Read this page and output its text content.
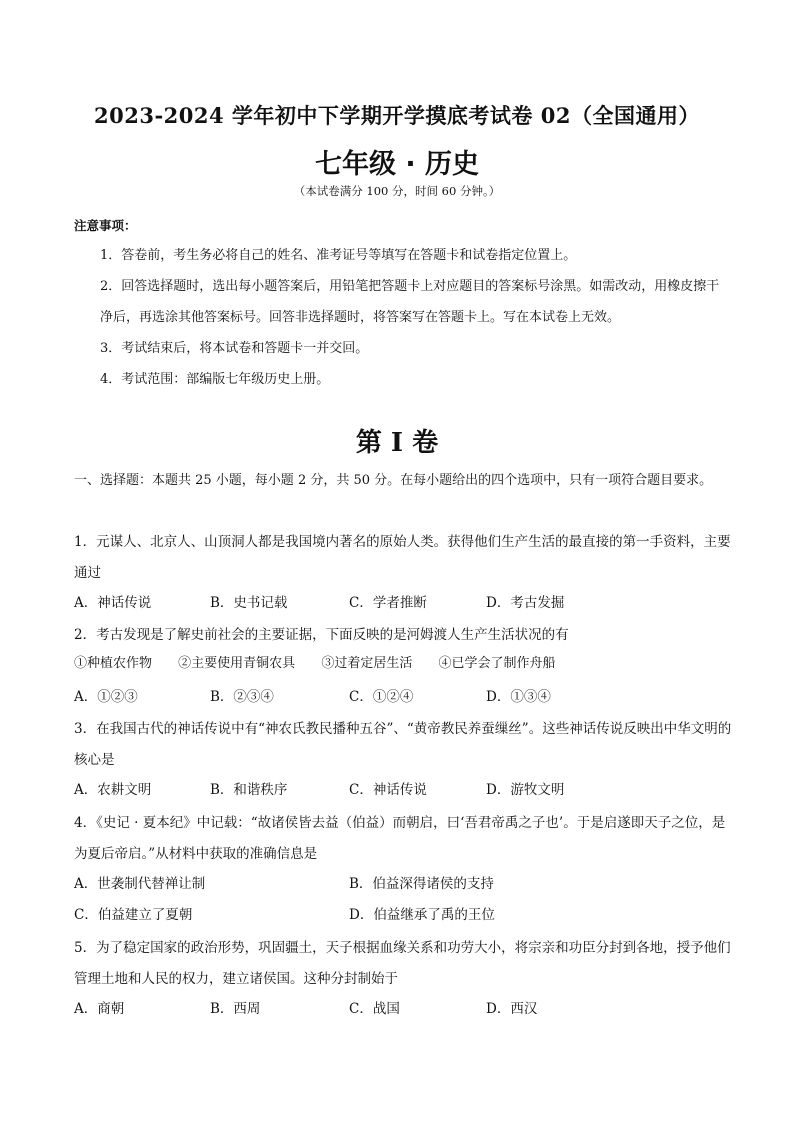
2023-2024 学年初中下学期开学摸底考试卷 02（全国通用）
七年级 · 历史

（本试卷满分 100 分，时间 60 分钟。）

注意事项：

1．答卷前，考生务必将自己的姓名、准考证号等填写在答题卡和试卷指定位置上。

2．回答选择题时，选出每小题答案后，用铅笔把答题卡上对应题目的答案标号涂黑。如需改动，用橡皮擦干净后，再选涂其他答案标号。回答非选择题时，将答案写在答题卡上。写在本试卷上无效。

3．考试结束后，将本试卷和答题卡一并交回。

4．考试范围：部编版七年级历史上册。

第 I 卷

一、选择题：本题共 25 小题，每小题 2 分，共 50 分。在每小题给出的四个选项中，只有一项符合题目要求。

1．元谋人、北京人、山顶洞人都是我国境内著名的原始人类。获得他们生产生活的最直接的第一手资料，主要通过

A．神话传说	B．史书记载	C．学者推断	D．考古发掘

2．考古发现是了解史前社会的主要证据，下面反映的是河姆渡人生产生活状况的有

①种植农作物 ②主要使用青铜农具 ③过着定居生活 ④已学会了制作舟船

A．①②③	B．②③④	C．①②④	D．①③④

3．在我国古代的神话传说中有“神农氏教民播种五谷”、“黄帝教民养蚕缫丝”。这些神话传说反映出中华文明的核心是

A．农耕文明	B．和谐秩序	C．神话传说	D．游牧文明

4．《史记 · 夏本纪》中记载：“故诸侯皆去益（伯益）而朝启，曰‘吾君帝禹之子也’。于是启遂即天子之位，是为夏后帝启。”从材料中获取的准确信息是

A．世袭制代替禅让制	B．伯益深得诸侯的支持
C．伯益建立了夏朝	D．伯益继承了禹的王位

5．为了稳定国家的政治形势，巩固疆土，天子根据血缘关系和功劳大小，将宗亲和功臣分封到各地，授予他们管理土地和人民的权力，建立诸侯国。这种分封制始于

A．商朝	B．西周	C．战国	D．西汉
